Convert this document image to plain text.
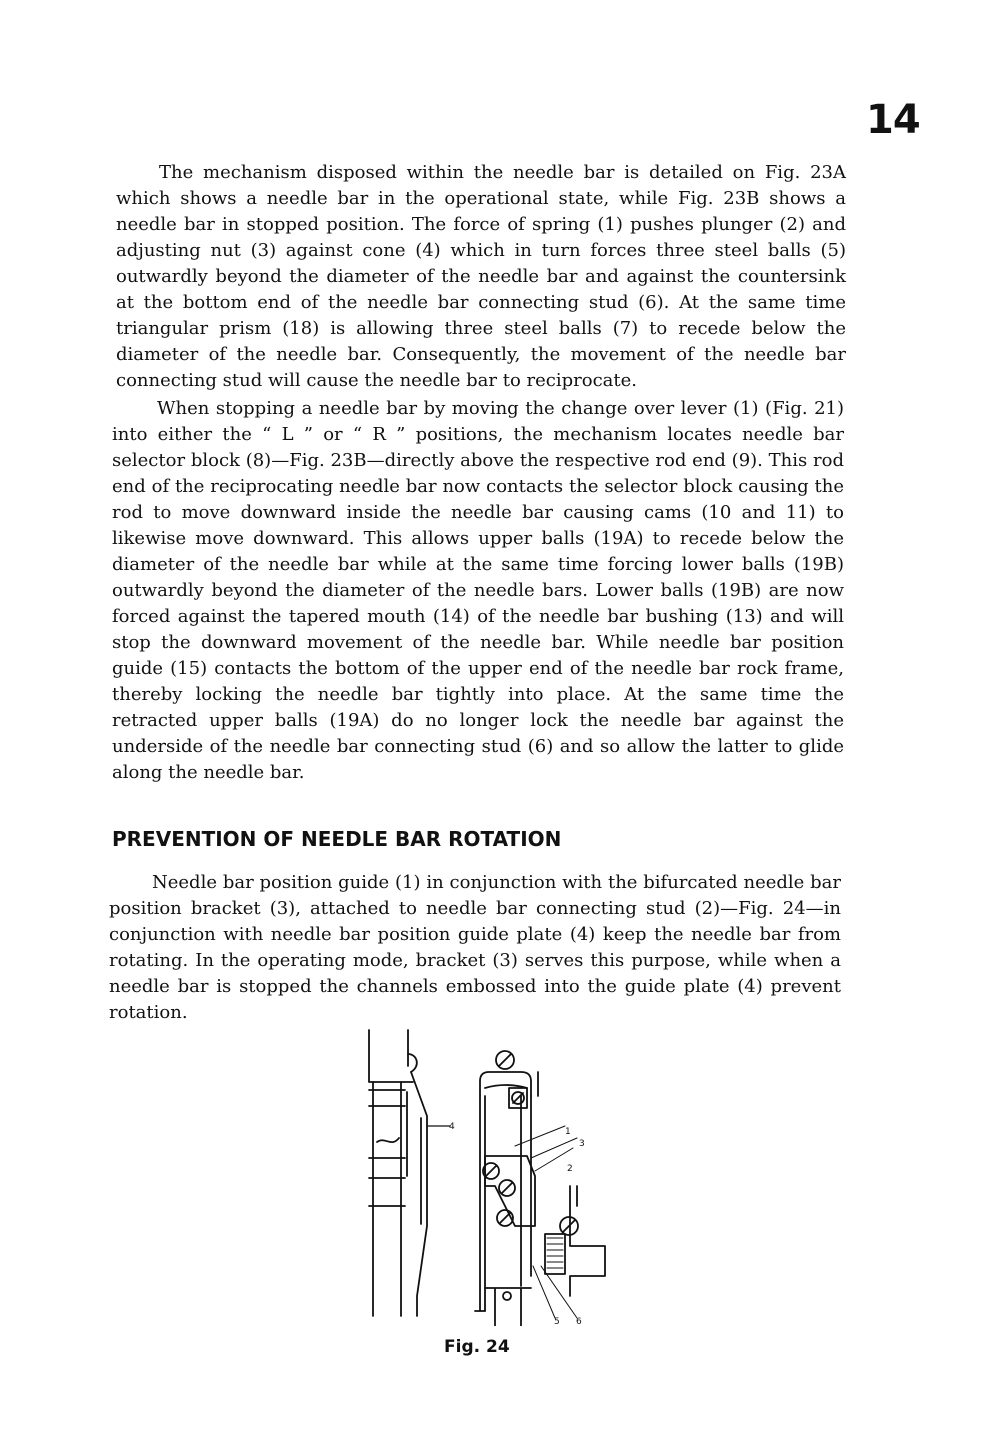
14

The mechanism disposed within the needle bar is detailed on Fig. 23A which shows a needle bar in the operational state, while Fig. 23B shows a needle bar in stopped position. The force of spring (1) pushes plunger (2) and adjusting nut (3) against cone (4) which in turn forces three steel balls (5) outwardly beyond the diameter of the needle bar and against the countersink at the bottom end of the needle bar connecting stud (6). At the same time triangular prism (18) is allowing three steel balls (7) to recede below the diameter of the needle bar. Consequently, the movement of the needle bar connecting stud will cause the needle bar to reciprocate.

When stopping a needle bar by moving the change over lever (1) (Fig. 21) into either the “ L ” or “ R ” positions, the mechanism locates needle bar selector block (8)—Fig. 23B—directly above the respective rod end (9). This rod end of the reciprocating needle bar now contacts the selector block causing the rod to move downward inside the needle bar causing cams (10 and 11) to likewise move downward. This allows upper balls (19A) to recede below the diameter of the needle bar while at the same time forcing lower balls (19B) outwardly beyond the diameter of the needle bars. Lower balls (19B) are now forced against the tapered mouth (14) of the needle bar bushing (13) and will stop the downward movement of the needle bar. While needle bar position guide (15) contacts the bottom of the upper end of the needle bar rock frame, thereby locking the needle bar tightly into place. At the same time the retracted upper balls (19A) do no longer lock the needle bar against the underside of the needle bar connecting stud (6) and so allow the latter to glide along the needle bar.

PREVENTION OF NEEDLE BAR ROTATION

Needle bar position guide (1) in conjunction with the bifurcated needle bar position bracket (3), attached to needle bar connecting stud (2)—Fig. 24—in conjunction with needle bar position guide plate (4) keep the needle bar from rotating. In the operating mode, bracket (3) serves this purpose, while when a needle bar is stopped the channels embossed into the guide plate (4) prevent rotation.

4	1
3
2
5 6
Fig. 24
